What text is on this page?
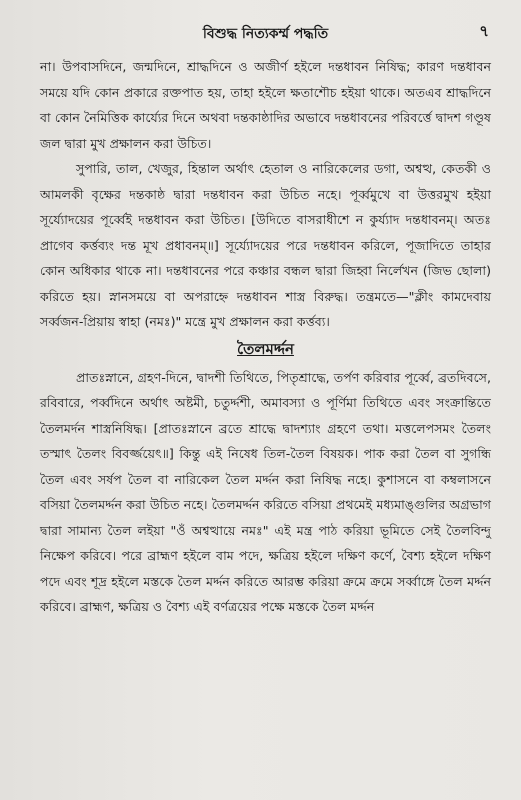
বিশুদ্ধ নিত্যকর্ম্ম পদ্ধতি	৭

না। উপবাসদিনে, জন্মদিনে, শ্রাদ্ধদিনে ও অজীর্ণ হইলে দন্তধাবন নিষিদ্ধ; কারণ দন্তধাবন সময়ে যদি কোন প্রকারে রক্তপাত হয়, তাহা হইলে ক্ষতাশৌচ হইয়া থাকে। অতএব শ্রাদ্ধদিনে বা কোন নৈমিত্তিক কার্য্যের দিনে অথবা দন্তকাষ্ঠাদির অভাবে দন্তধাবনের পরিবর্ত্তে দ্বাদশ গণ্ডূষ জল দ্বারা মুখ প্রক্ষালন করা উচিত।

সুপারি, তাল, খেজুর, হিন্তাল অর্থাৎ হেতাল ও নারিকেলের ডগা, অশ্বত্থ, কেতকী ও আমলকী বৃক্ষের দন্তকাষ্ঠ দ্বারা দন্তধাবন করা উচিত নহে। পূর্ব্বমুখে বা উত্তরমুখ হইয়া সূর্য্যোদয়ের পূর্ব্বেই দন্তধাবন করা উচিত। [উদিতে বাসরাধীশে ন কুর্য্যাদ দন্তধাবনম্। অতঃ প্রাগেব কর্ত্তব্যং দন্ত মূখ প্রধাবনম্॥] সূর্য্যোদয়ের পরে দন্তধাবন করিলে, পূজাদিতে তাহার কোন অধিকার থাকে না। দন্তধাবনের পরে কঞ্চার বন্ধল দ্বারা জিহ্বা নির্লেখন (জিভ ছোলা) করিতে হয়। স্নানসময়ে বা অপরাহ্নে দন্তধাবন শাস্ত্র বিরুদ্ধ। তন্ত্রমতে—"ক্লীং কামদেবায় সর্ব্বজন-প্রিয়ায় স্বাহা (নমঃ)" মন্ত্রে মুখ প্রক্ষালন করা কর্ত্তব্য।

তৈলমর্দ্দন

প্রাতঃস্নানে, গ্রহণ-দিনে, দ্বাদশী তিথিতে, পিতৃশ্রাদ্ধে, তর্পণ করিবার পূর্ব্বে, ব্রতদিবসে, রবিবারে, পর্ব্বদিনে অর্থাৎ অষ্টমী, চতুর্দ্দশী, অমাবস্যা ও পূর্ণিমা তিথিতে এবং সংক্রান্তিতে তৈলমর্দন শাস্ত্রনিষিদ্ধ। [প্রাতঃস্নানে ব্রতে শ্রাদ্ধে দ্বাদশ্যাং গ্রহণে তথা। মত্তলেপসমং তৈলং তস্মাৎ তৈলং বিবর্জ্জয়েৎ॥] কিন্তু এই নিষেধ তিল-তৈল বিষয়ক। পাক করা তৈল বা সুগন্ধি তৈল এবং সর্ষপ তৈল বা নারিকেল তৈল মর্দ্দন করা নিষিদ্ধ নহে। কুশাসনে বা কম্বলাসনে বসিয়া তৈলমর্দ্দন করা উচিত নহে। তৈলমর্দ্দন করিতে বসিয়া প্রথমেই মধ্যমাঙ্গুলির অগ্রভাগ দ্বারা সামান্য তৈল লইয়া "ওঁ অশ্বত্থায়ে নমঃ" এই মন্ত্র পাঠ করিয়া ভূমিতে সেই তৈলবিন্দু নিক্ষেপ করিবে। পরে ব্রাহ্মণ হইলে বাম পদে, ক্ষত্রিয় হইলে দক্ষিণ কর্ণে, বৈশ্য হইলে দক্ষিণ পদে এবং শূদ্র হইলে মস্তকে তৈল মর্দ্দন করিতে আরম্ভ করিয়া ক্রমে ক্রমে সর্ব্বাঙ্গে তৈল মর্দ্দন করিবে। ব্রাহ্মণ, ক্ষত্রিয় ও বৈশ্য এই বর্ণত্রয়ের পক্ষে মস্তকে তৈল মর্দ্দন
